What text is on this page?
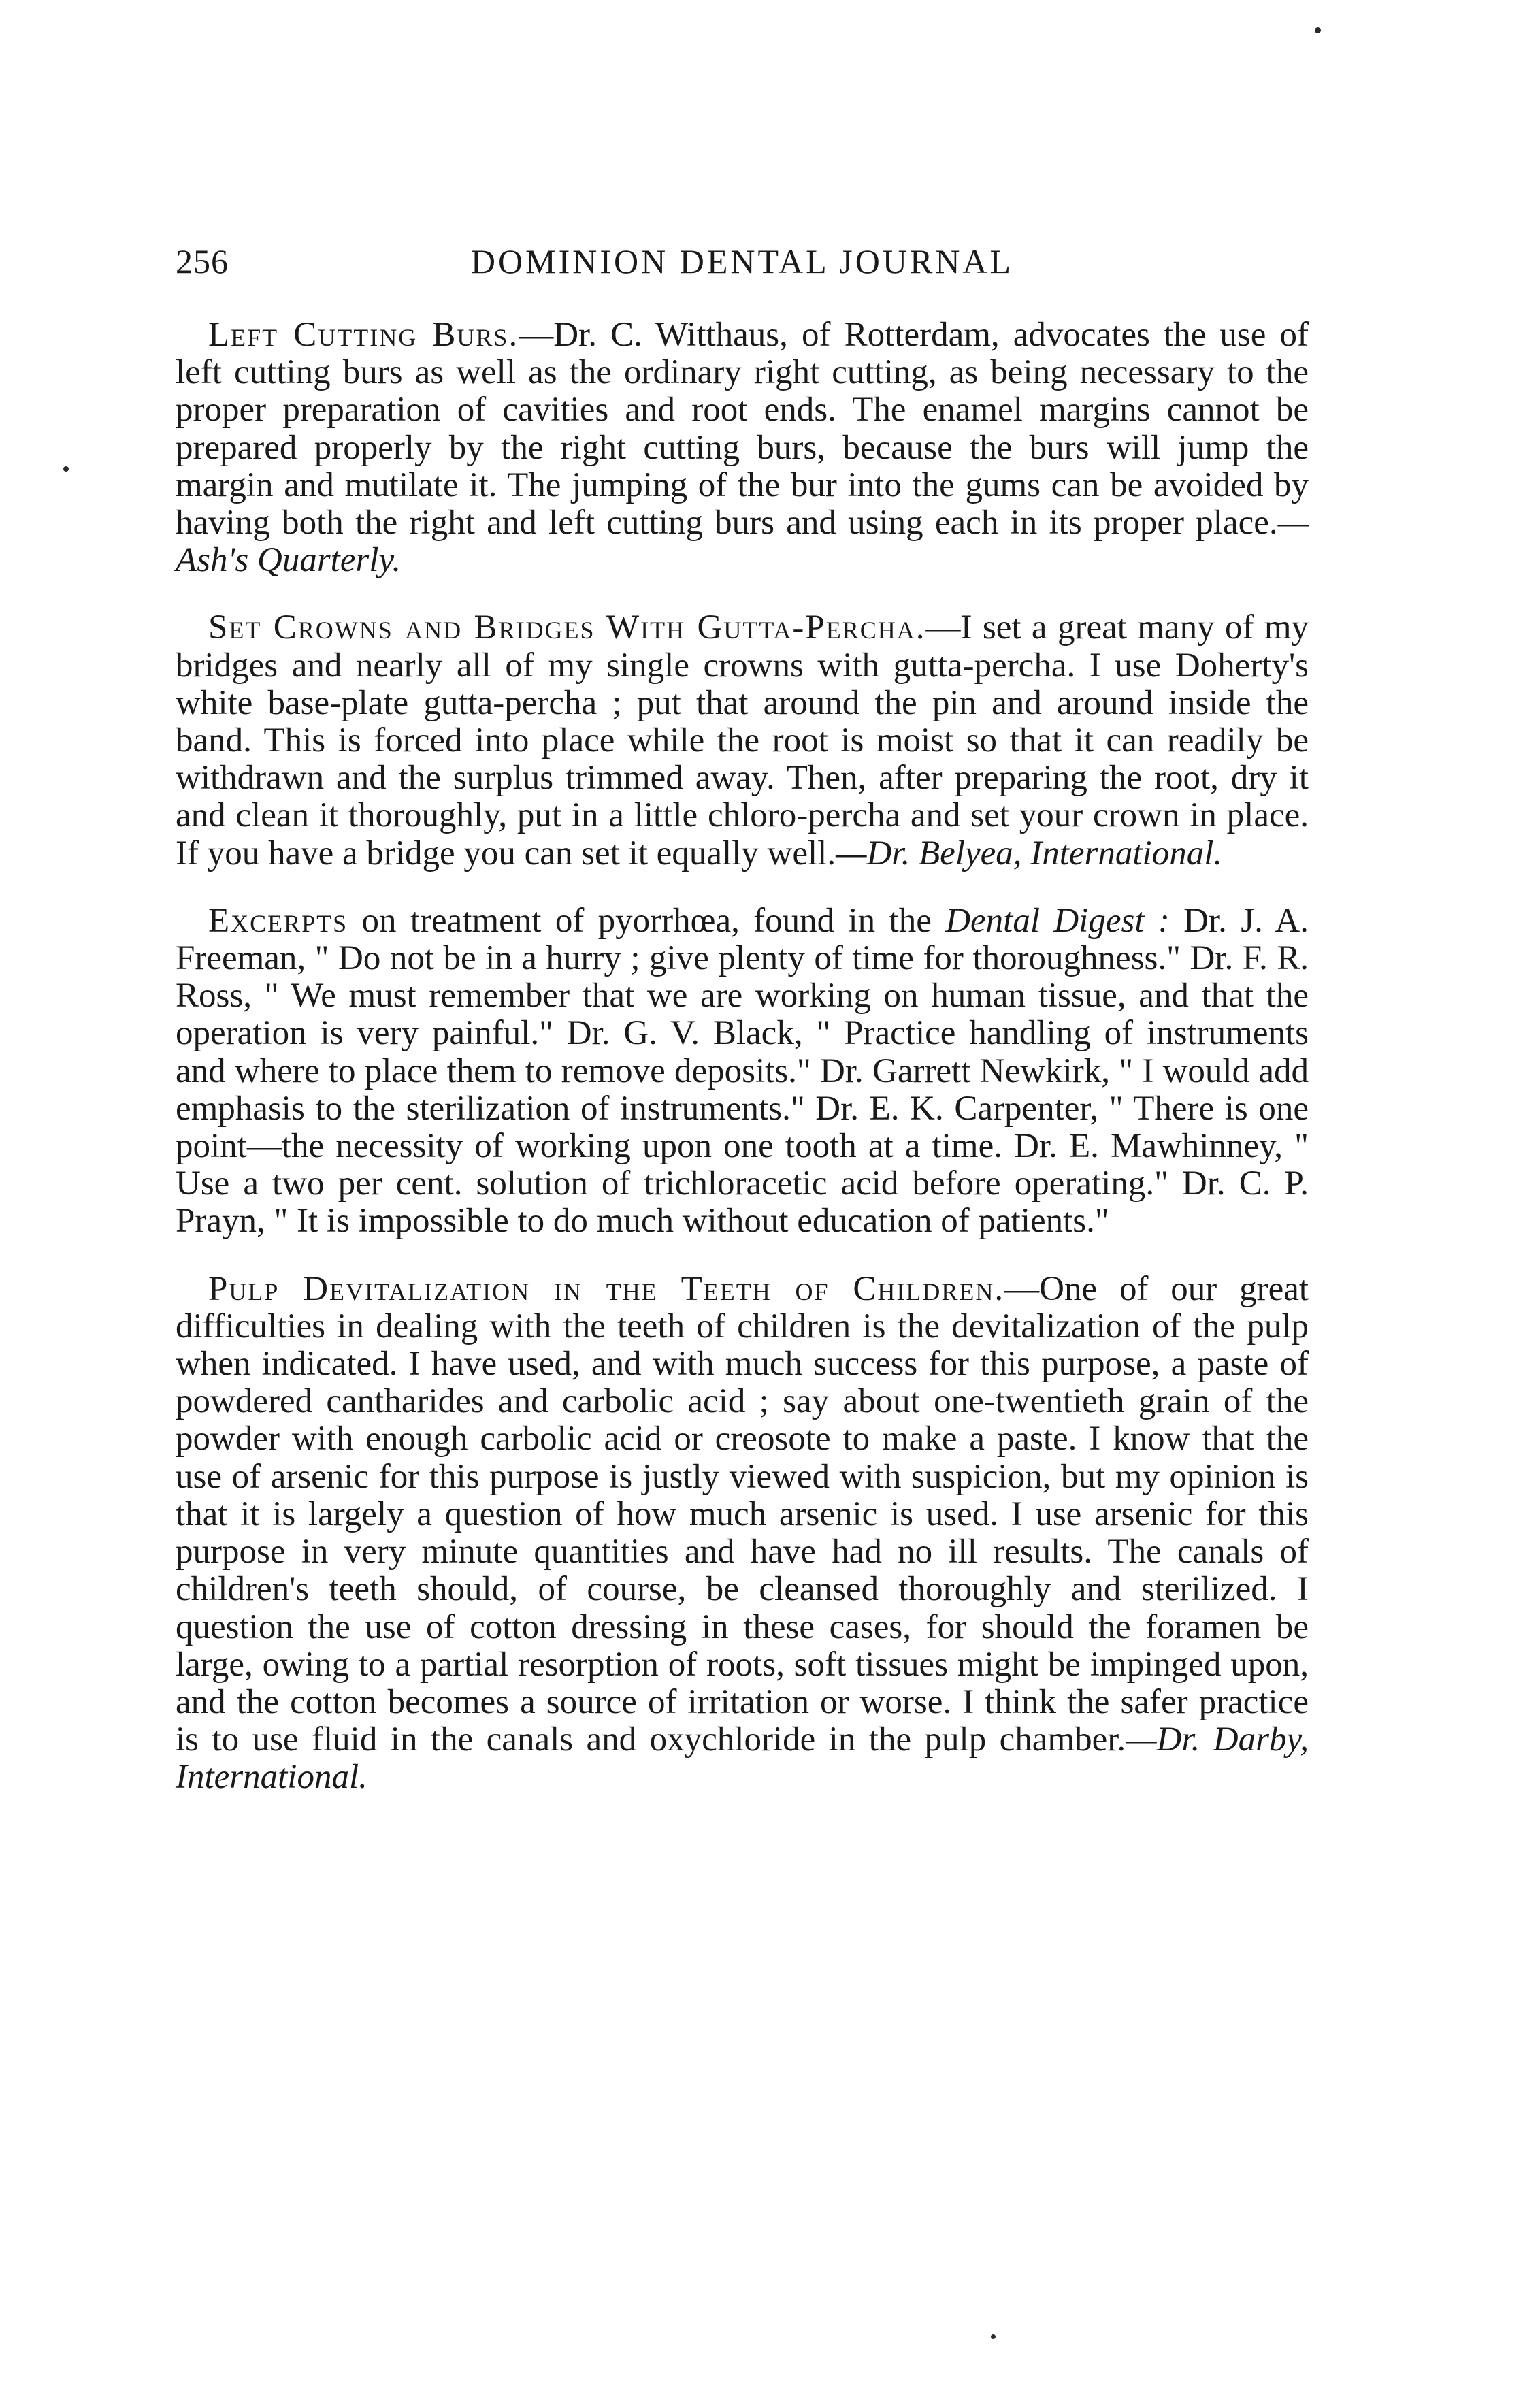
256	DOMINION DENTAL JOURNAL

Left Cutting Burs.—Dr. C. Witthaus, of Rotterdam, advocates the use of left cutting burs as well as the ordinary right cutting, as being necessary to the proper preparation of cavities and root ends. The enamel margins cannot be prepared properly by the right cutting burs, because the burs will jump the margin and mutilate it. The jumping of the bur into the gums can be avoided by having both the right and left cutting burs and using each in its proper place.—Ash's Quarterly.

Set Crowns and Bridges With Gutta-Percha.—I set a great many of my bridges and nearly all of my single crowns with gutta-percha. I use Doherty's white base-plate gutta-percha ; put that around the pin and around inside the band. This is forced into place while the root is moist so that it can readily be withdrawn and the surplus trimmed away. Then, after preparing the root, dry it and clean it thoroughly, put in a little chloro-percha and set your crown in place. If you have a bridge you can set it equally well.—Dr. Belyea, International.

Excerpts on treatment of pyorrhœa, found in the Dental Digest : Dr. J. A. Freeman, " Do not be in a hurry ; give plenty of time for thoroughness." Dr. F. R. Ross, " We must remember that we are working on human tissue, and that the operation is very painful." Dr. G. V. Black, " Practice handling of instruments and where to place them to remove deposits." Dr. Garrett Newkirk, " I would add emphasis to the sterilization of instruments." Dr. E. K. Carpenter, " There is one point—the necessity of working upon one tooth at a time. Dr. E. Mawhinney, " Use a two per cent. solution of trichloracetic acid before operating." Dr. C. P. Prayn, " It is impossible to do much without education of patients."

Pulp Devitalization in the Teeth of Children.—One of our great difficulties in dealing with the teeth of children is the devitalization of the pulp when indicated. I have used, and with much success for this purpose, a paste of powdered cantharides and carbolic acid ; say about one-twentieth grain of the powder with enough carbolic acid or creosote to make a paste. I know that the use of arsenic for this purpose is justly viewed with suspicion, but my opinion is that it is largely a question of how much arsenic is used. I use arsenic for this purpose in very minute quantities and have had no ill results. The canals of children's teeth should, of course, be cleansed thoroughly and sterilized. I question the use of cotton dressing in these cases, for should the foramen be large, owing to a partial resorption of roots, soft tissues might be impinged upon, and the cotton becomes a source of irritation or worse. I think the safer practice is to use fluid in the canals and oxychloride in the pulp chamber.—Dr. Darby, International.
